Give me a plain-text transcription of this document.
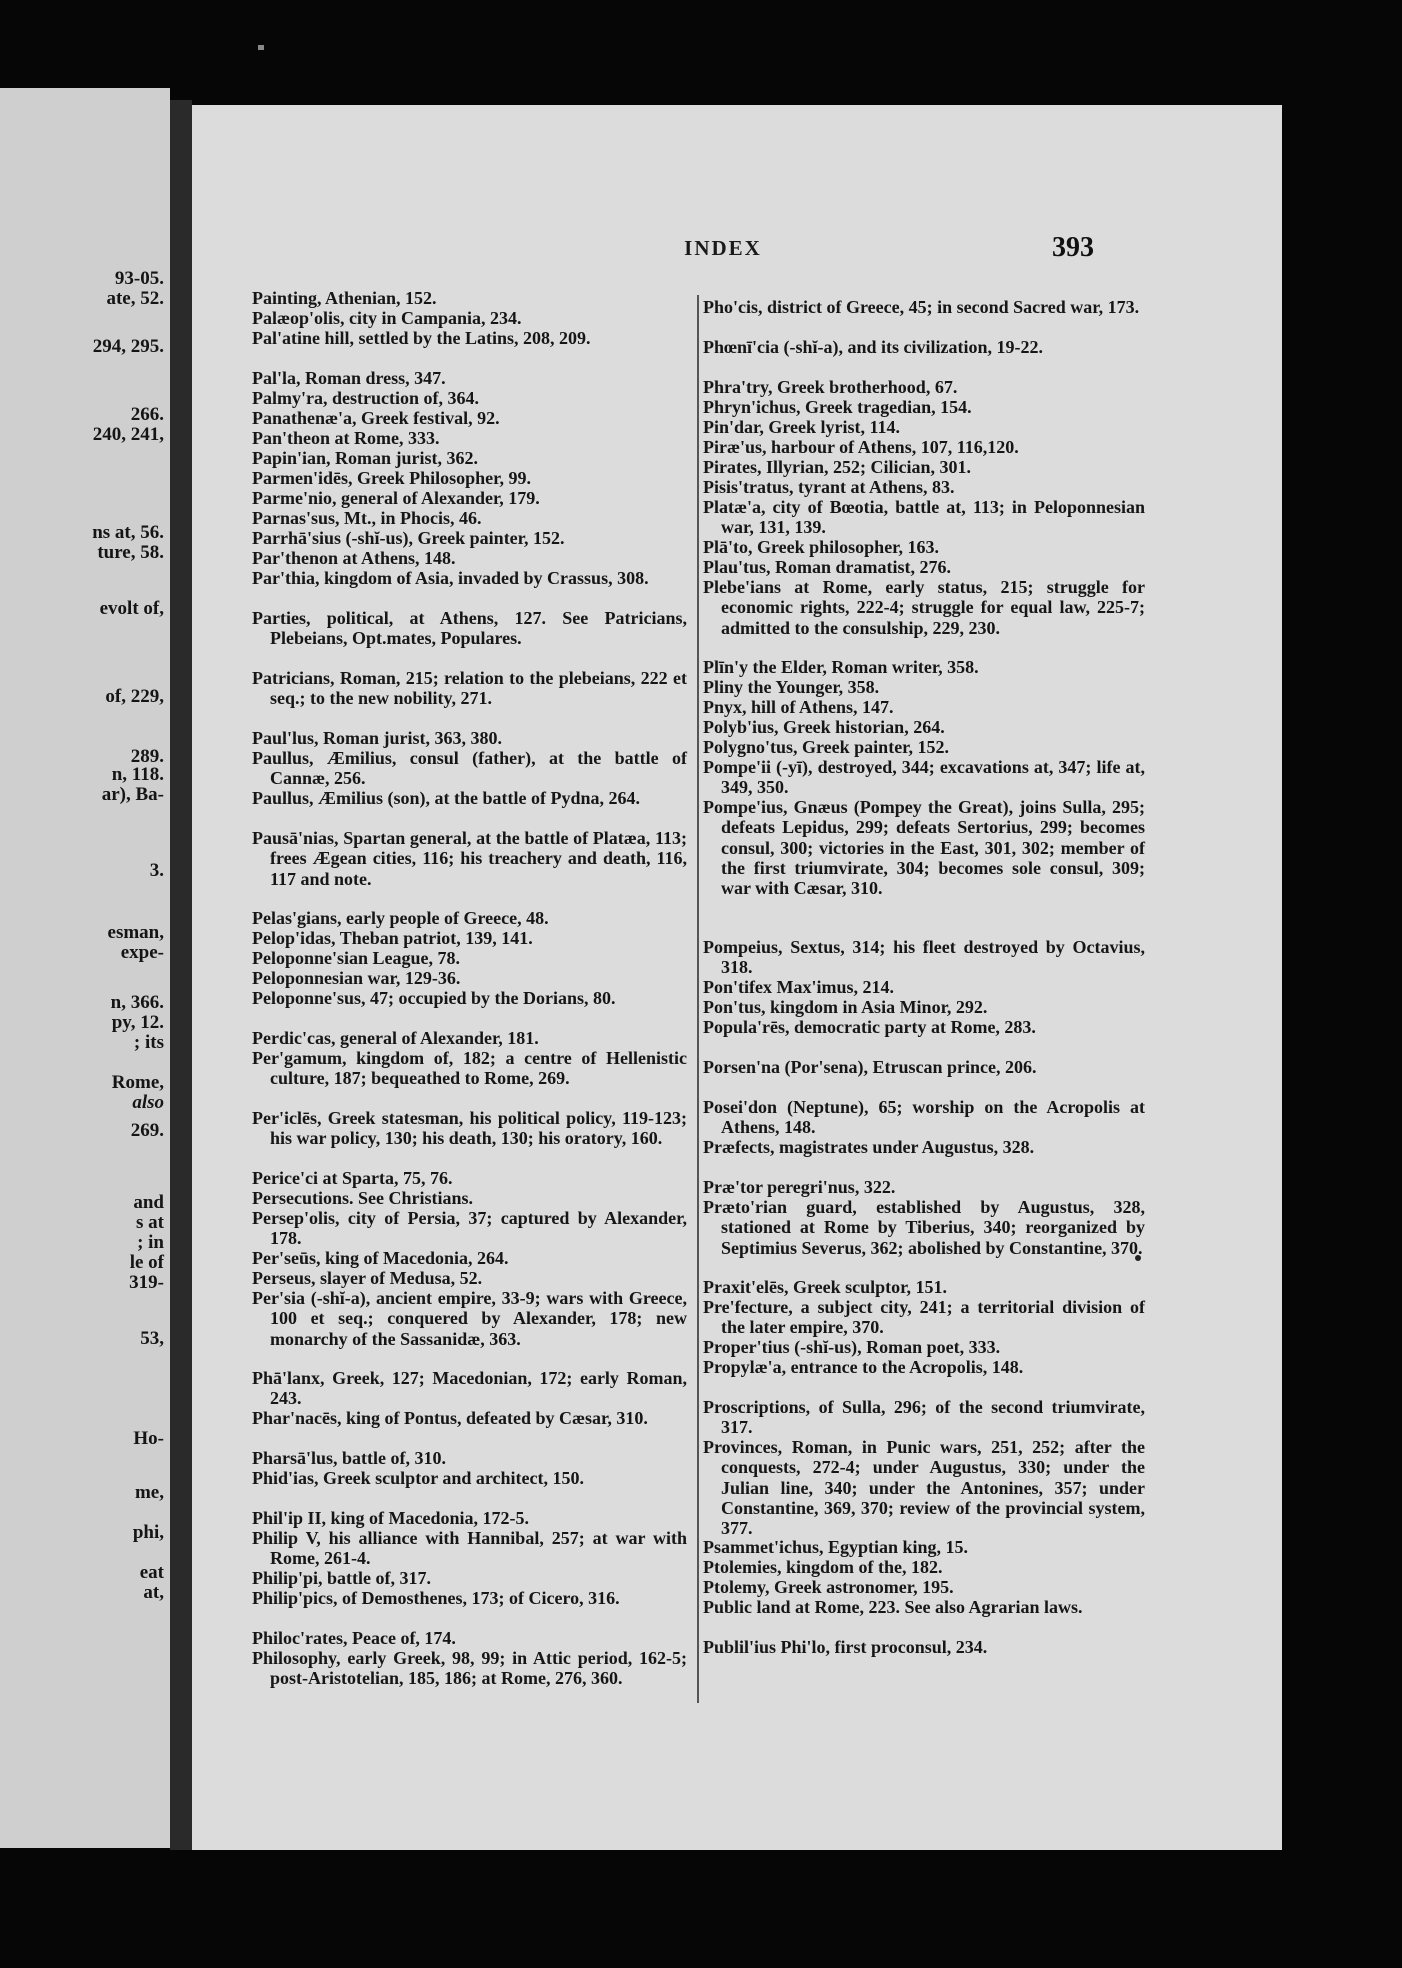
93-05.
ate, 52.
294, 295.
266.
240, 241,
ns at, 56.
ture, 58.
evolt of,
of, 229,
289.
n, 118.
ar), Ba-
3.
esman,
expe-
n, 366.
py, 12.
; its
Rome,
also
269.
and
s at
; in
le of
319-
53,
Ho-
me,
phi,
eat
at,
INDEX	393
Painting, Athenian, 152.
Palæop'olis, city in Campania, 234.
Pal'atine hill, settled by the Latins, 208, 209.
Pal'la, Roman dress, 347.
Palmy'ra, destruction of, 364.
Panathenæ'a, Greek festival, 92.
Pan'theon at Rome, 333.
Papin'ian, Roman jurist, 362.
Parmen'idēs, Greek Philosopher, 99.
Parme'nio, general of Alexander, 179.
Parnas'sus, Mt., in Phocis, 46.
Parrhā'sius (-shĭ-us), Greek painter, 152.
Par'thenon at Athens, 148.
Par'thia, kingdom of Asia, invaded by Crassus, 308.
Parties, political, at Athens, 127. See Patricians, Plebeians, Opt.mates, Populares.
Patricians, Roman, 215; relation to the plebeians, 222 et seq.; to the new nobility, 271.
Paul'lus, Roman jurist, 363, 380.
Paullus, Æmilius, consul (father), at the battle of Cannæ, 256.
Paullus, Æmilius (son), at the battle of Pydna, 264.
Pausā'nias, Spartan general, at the battle of Platæa, 113; frees Ægean cities, 116; his treachery and death, 116, 117 and note.
Pelas'gians, early people of Greece, 48.
Pelop'idas, Theban patriot, 139, 141.
Peloponne'sian League, 78.
Peloponnesian war, 129-36.
Peloponne'sus, 47; occupied by the Dorians, 80.
Perdic'cas, general of Alexander, 181.
Per'gamum, kingdom of, 182; a centre of Hellenistic culture, 187; bequeathed to Rome, 269.
Per'iclēs, Greek statesman, his political policy, 119-123; his war policy, 130; his death, 130; his oratory, 160.
Perice'ci at Sparta, 75, 76.
Persecutions. See Christians.
Persep'olis, city of Persia, 37; captured by Alexander, 178.
Per'seūs, king of Macedonia, 264.
Perseus, slayer of Medusa, 52.
Per'sia (-shĭ-a), ancient empire, 33-9; wars with Greece, 100 et seq.; conquered by Alexander, 178; new monarchy of the Sassanidæ, 363.
Phā'lanx, Greek, 127; Macedonian, 172; early Roman, 243.
Phar'nacēs, king of Pontus, defeated by Cæsar, 310.
Pharsā'lus, battle of, 310.
Phid'ias, Greek sculptor and architect, 150.
Phil'ip II, king of Macedonia, 172-5.
Philip V, his alliance with Hannibal, 257; at war with Rome, 261-4.
Philip'pi, battle of, 317.
Philip'pics, of Demosthenes, 173; of Cicero, 316.
Philoc'rates, Peace of, 174.
Philosophy, early Greek, 98, 99; in Attic period, 162-5; post-Aristotelian, 185, 186; at Rome, 276, 360.
Pho'cis, district of Greece, 45; in second Sacred war, 173.
Phœnī'cia (-shĭ-a), and its civilization, 19-22.
Phra'try, Greek brotherhood, 67.
Phryn'ichus, Greek tragedian, 154.
Pin'dar, Greek lyrist, 114.
Piræ'us, harbour of Athens, 107, 116,120.
Pirates, Illyrian, 252; Cilician, 301.
Pisis'tratus, tyrant at Athens, 83.
Platæ'a, city of Bœotia, battle at, 113; in Peloponnesian war, 131, 139.
Plā'to, Greek philosopher, 163.
Plau'tus, Roman dramatist, 276.
Plebe'ians at Rome, early status, 215; struggle for economic rights, 222-4; struggle for equal law, 225-7; admitted to the consulship, 229, 230.
Plīn'y the Elder, Roman writer, 358.
Pliny the Younger, 358.
Pnyx, hill of Athens, 147.
Polyb'ius, Greek historian, 264.
Polygno'tus, Greek painter, 152.
Pompe'ii (-yī), destroyed, 344; excavations at, 347; life at, 349, 350.
Pompe'ius, Gnæus (Pompey the Great), joins Sulla, 295; defeats Lepidus, 299; defeats Sertorius, 299; becomes consul, 300; victories in the East, 301, 302; member of the first triumvirate, 304; becomes sole consul, 309; war with Cæsar, 310.
Pompeius, Sextus, 314; his fleet destroyed by Octavius, 318.
Pon'tifex Max'imus, 214.
Pon'tus, kingdom in Asia Minor, 292.
Popula'rēs, democratic party at Rome, 283.
Porsen'na (Por'sena), Etruscan prince, 206.
Posei'don (Neptune), 65; worship on the Acropolis at Athens, 148.
Præfects, magistrates under Augustus, 328.
Præ'tor peregri'nus, 322.
Præto'rian guard, established by Augustus, 328, stationed at Rome by Tiberius, 340; reorganized by Septimius Severus, 362; abolished by Constantine, 370.
Praxit'elēs, Greek sculptor, 151.
Pre'fecture, a subject city, 241; a territorial division of the later empire, 370.
Proper'tius (-shĭ-us), Roman poet, 333.
Propylæ'a, entrance to the Acropolis, 148.
Proscriptions, of Sulla, 296; of the second triumvirate, 317.
Provinces, Roman, in Punic wars, 251, 252; after the conquests, 272-4; under Augustus, 330; under the Julian line, 340; under the Antonines, 357; under Constantine, 369, 370; review of the provincial system, 377.
Psammet'ichus, Egyptian king, 15.
Ptolemies, kingdom of the, 182.
Ptolemy, Greek astronomer, 195.
Public land at Rome, 223. See also Agrarian laws.
Publil'ius Phi'lo, first proconsul, 234.
